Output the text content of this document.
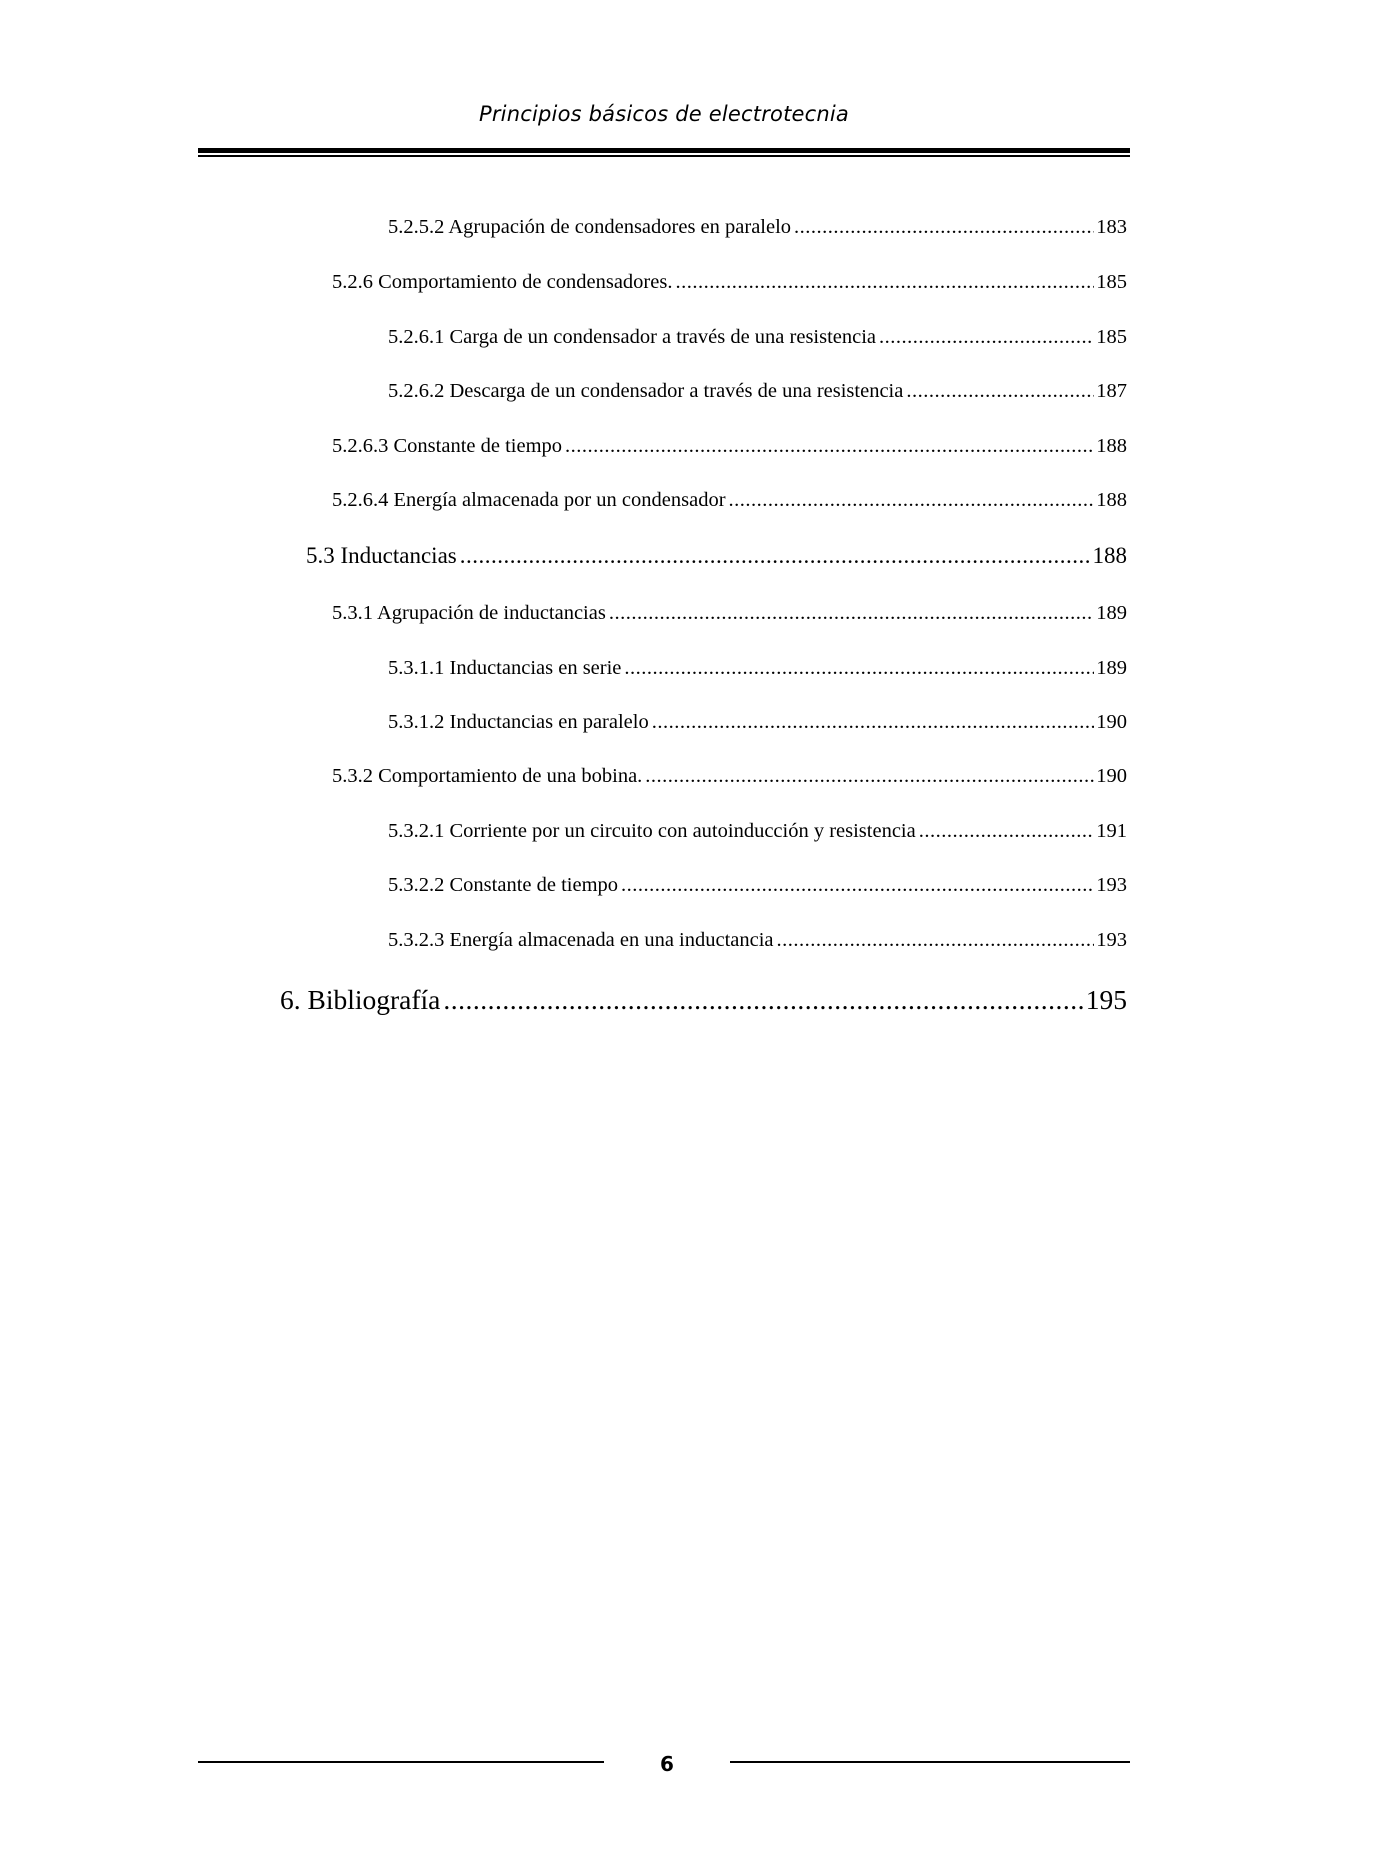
Principios básicos de electrotecnia
5.2.5.2 Agrupación de condensadores en paralelo .....	183
5.2.6 Comportamiento de condensadores. .....	185
5.2.6.1 Carga de un condensador a través de una resistencia .....	185
5.2.6.2 Descarga de un condensador a través de una resistencia .....	187
5.2.6.3 Constante de tiempo .....	188
5.2.6.4 Energía almacenada por un condensador .....	188
5.3 Inductancias .....	188
5.3.1 Agrupación de inductancias .....	189
5.3.1.1 Inductancias en serie .....	189
5.3.1.2 Inductancias en paralelo .....	190
5.3.2 Comportamiento de una bobina. .....	190
5.3.2.1 Corriente por un circuito con autoinducción y resistencia .....	191
5.3.2.2 Constante de tiempo .....	193
5.3.2.3 Energía almacenada en una inductancia .....	193
6. Bibliografía .....	195
6
